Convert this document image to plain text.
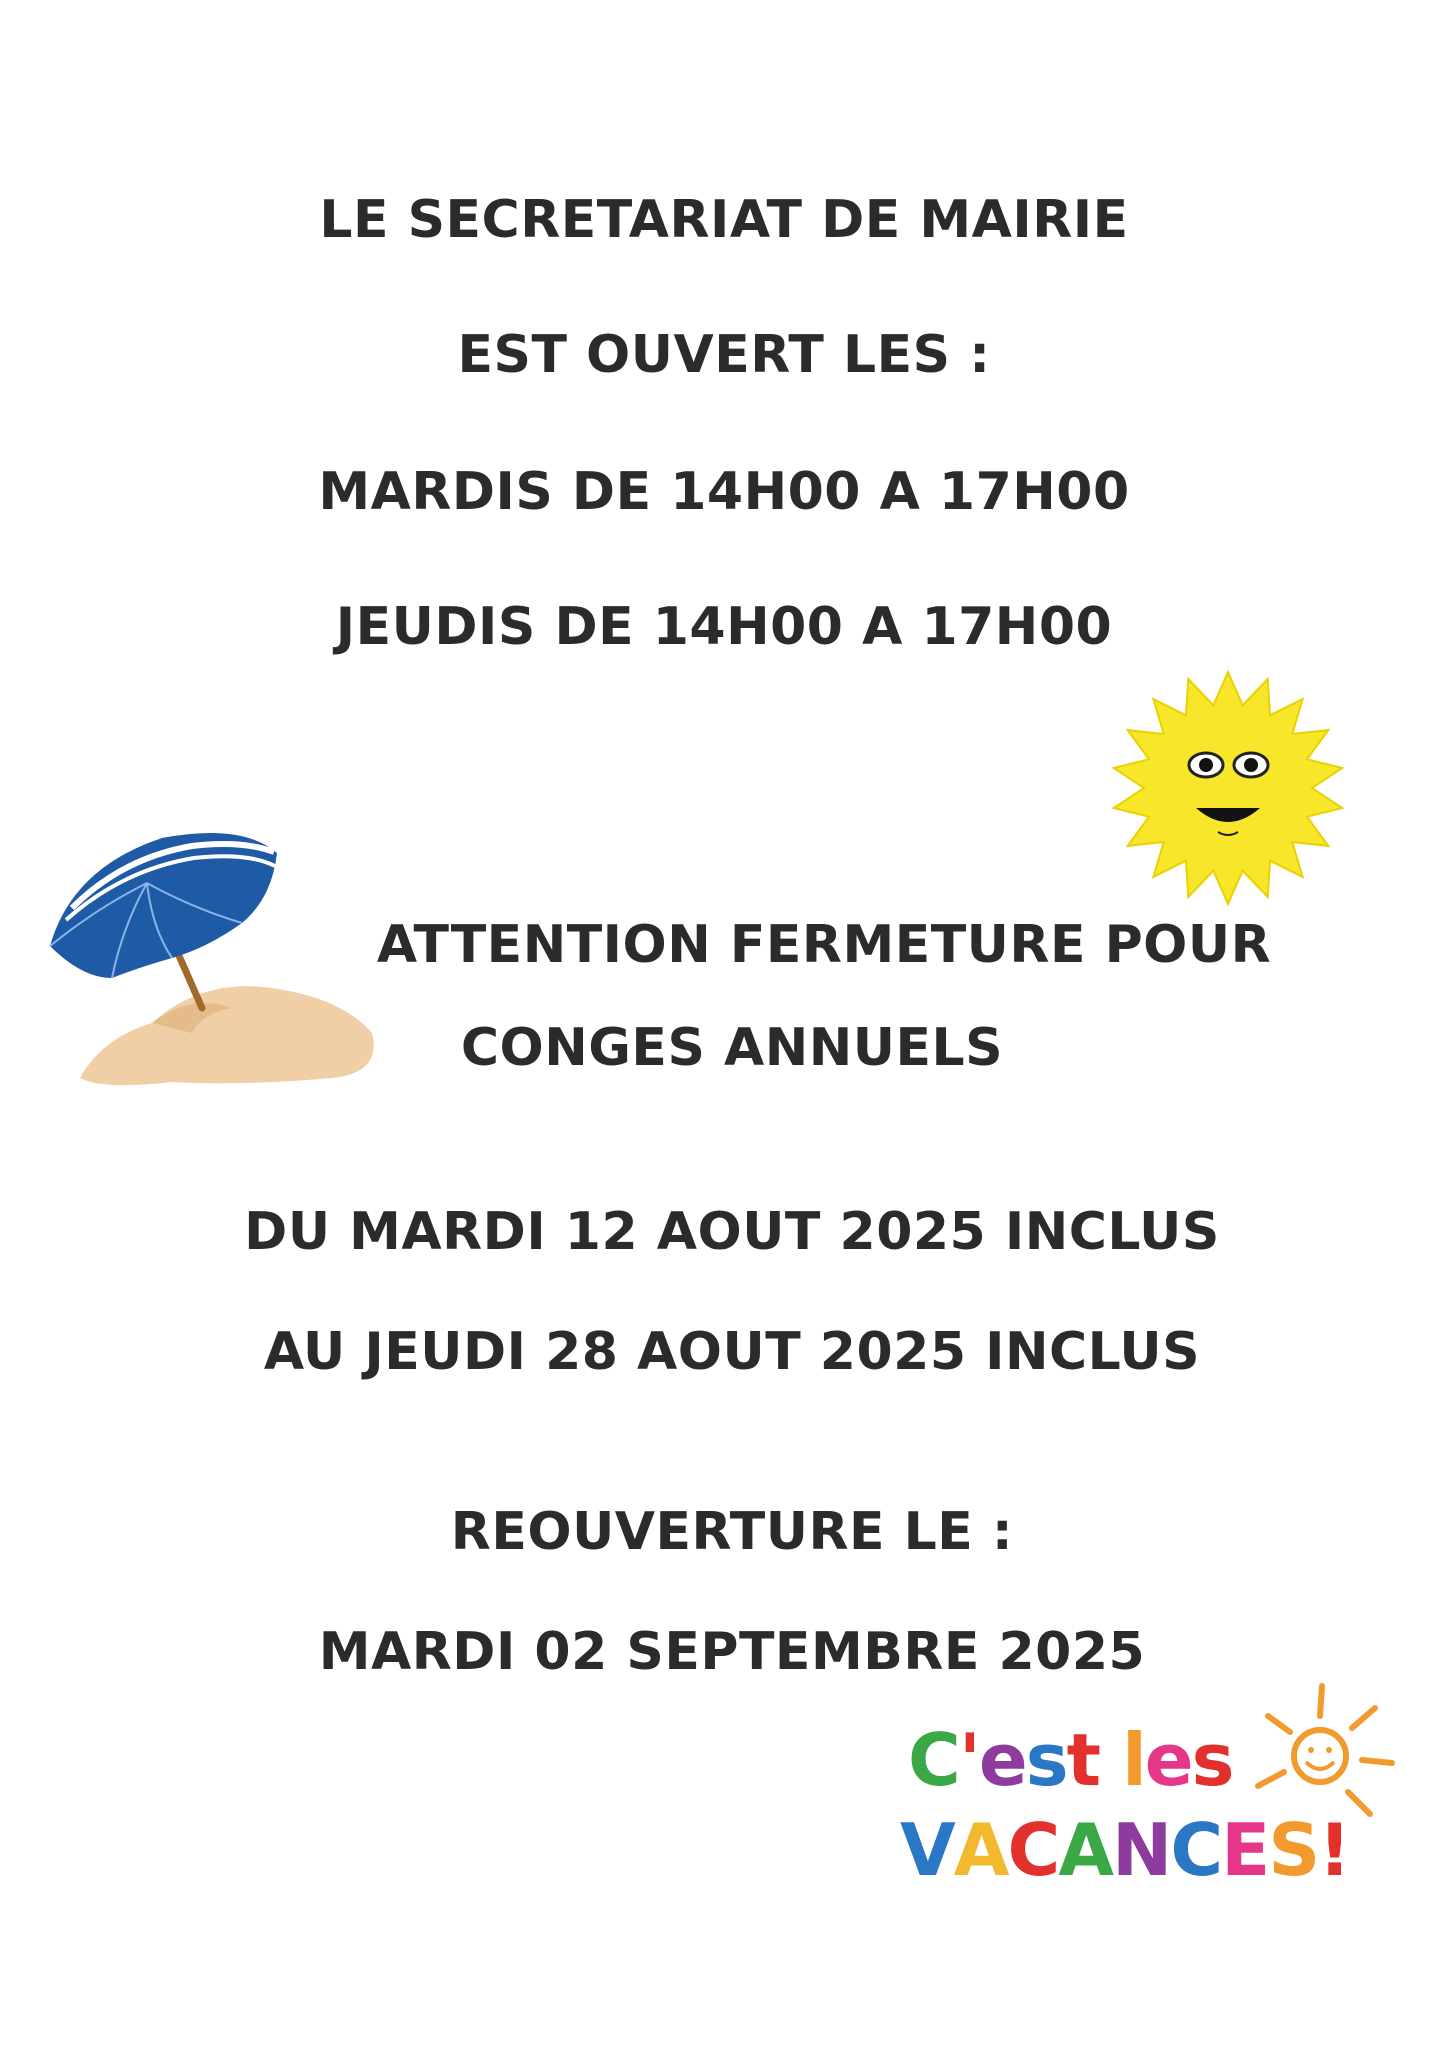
LE SECRETARIAT DE MAIRIE
EST OUVERT LES :
MARDIS DE 14H00 A 17H00
JEUDIS DE 14H00 A 17H00
ATTENTION FERMETURE POUR
CONGES ANNUELS
DU MARDI 12 AOUT 2025 INCLUS
AU JEUDI 28 AOUT 2025 INCLUS
REOUVERTURE LE :
MARDI 02 SEPTEMBRE 2025
C'est les
VACANCES!
